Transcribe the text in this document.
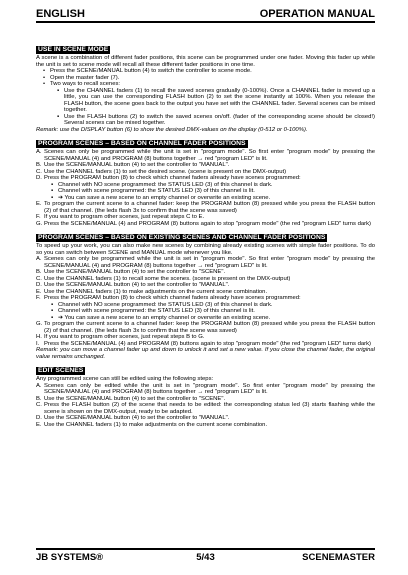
ENGLISH	OPERATION MANUAL
USE IN SCENE MODE

A scene is a combination of different fader positions, this scene can be programmed under one fader. Moving this fader up while the unit is set to scene mode will recall all these different fader positions in one time.

• Press the SCENE/MANUAL button (4) to switch the controller to scene mode.
• Open the master fader (7).
• Two ways to recall scenes:
▪ Use the CHANNEL faders (1) to recall the saved scenes gradually (0-100%). Once a CHANNEL fader is moved up a little, you can use the corresponding FLASH button (2) to set the scene instantly at 100%. When you release the FLASH button, the scene goes back to the output you have set with the CHANNEL fader. Several scenes can be mixed together.
▪ Use the FLASH buttons (2) to switch the saved scenes on/off. (fader of the corresponding scene should be closed!) Several scenes can be mixed together.

Remark: use the DISPLAY button (6) to show the desired DMX-values on the display (0-512 or 0-100%).

PROGRAM SCENES – BASED ON CHANNEL FADER POSITIONS
A. Scenes can only be programmed while the unit is set in "program mode". So first enter "program mode" by pressing the SCENE/MANUAL (4) and PROGRAM (8) buttons together → red "program LED" is lit.
B. Use the SCENE/MANUAL button (4) to set the controller to "MANUAL".
C. Use the CHANNEL faders (1) to set the desired scene. (scene is present on the DMX-output)
D. Press the PROGRAM button (8) to check which channel faders already have scenes programmed:
▪ Channel with NO scene programmed: the STATUS LED (3) of this channel is dark.
▪ Channel with scene programmed: the STATUS LED (3) of this channel is lit.
▪ ➔ You can save a new scene to an empty channel or overwrite an existing scene.
E. To program the current scene to a channel fader: keep the PROGRAM button (8) pressed while you press the FLASH button (2) of that channel. (the leds flash 3x to confirm that the scene was saved)
F. If you want to program other scenes, just repeat steps C to E.
G. Press the SCENE/MANUAL (4) and PROGRAM (8) buttons again to stop "program mode" (the red "program LED" turns dark)
PROGRAM SCENES – BASED ON EXISTING SCENES AND CHANNEL FADER POSITIONS

To speed up your work, you can also make new scenes by combining already existing scenes with simple fader positions. To do so you can switch between SCENE and MANUAL mode whenever you like.

A. Scenes can only be programmed while the unit is set in "program mode". So first enter "program mode" by pressing the SCENE/MANUAL (4) and PROGRAM (8) buttons together → red "program LED" is lit.
B. Use the SCENE/MANUAL button (4) to set the controller to "SCENE".
C. Use the CHANNEL faders (1) to recall some the scenes. (scene is present on the DMX-output)
D. Use the SCENE/MANUAL button (4) to set the controller to "MANUAL".
E. Use the CHANNEL faders (1) to make adjustments on the current scene combination.
F. Press the PROGRAM button (8) to check which channel faders already have scenes programmed:
▪ Channel with NO scene programmed: the STATUS LED (3) of this channel is dark.
▪ Channel with scene programmed: the STATUS LED (3) of this channel is lit.
▪ ➔ You can save a new scene to an empty channel or overwrite an existing scene.
G. To program the current scene to a channel fader: keep the PROGRAM button (8) pressed while you press the FLASH button (2) of that channel. (the leds flash 3x to confirm that the scene was saved)
H. If you want to program other scenes, just repeat steps B to G.
I. Press the SCENE/MANUAL (4) and PROGRAM (8) buttons again to stop "program mode" (the red "program LED" turns dark)

Remark: you can move a channel fader up and down to unlock it and set a new value. If you close the channel fader, the original value remains unchanged.

EDIT SCENES

Any programmed scene can still be edited using the following steps:

A. Scenes can only be edited while the unit is set in "program mode". So first enter "program mode" by pressing the SCENE/MANUAL (4) and PROGRAM (8) buttons together → red "program LED" is lit.
B. Use the SCENE/MANUAL button (4) to set the controller to "SCENE".
C. Press the FLASH button (2) of the scene that needs to be edited: the corresponding status led (3) starts flashing while the scene is shown on the DMX-output, ready to be adapted.
D. Use the SCENE/MANUAL button (4) to set the controller to "MANUAL".
E. Use the CHANNEL faders (1) to make adjustments on the current scene combination.
JB SYSTEMS®	5/43	SCENEMASTER
